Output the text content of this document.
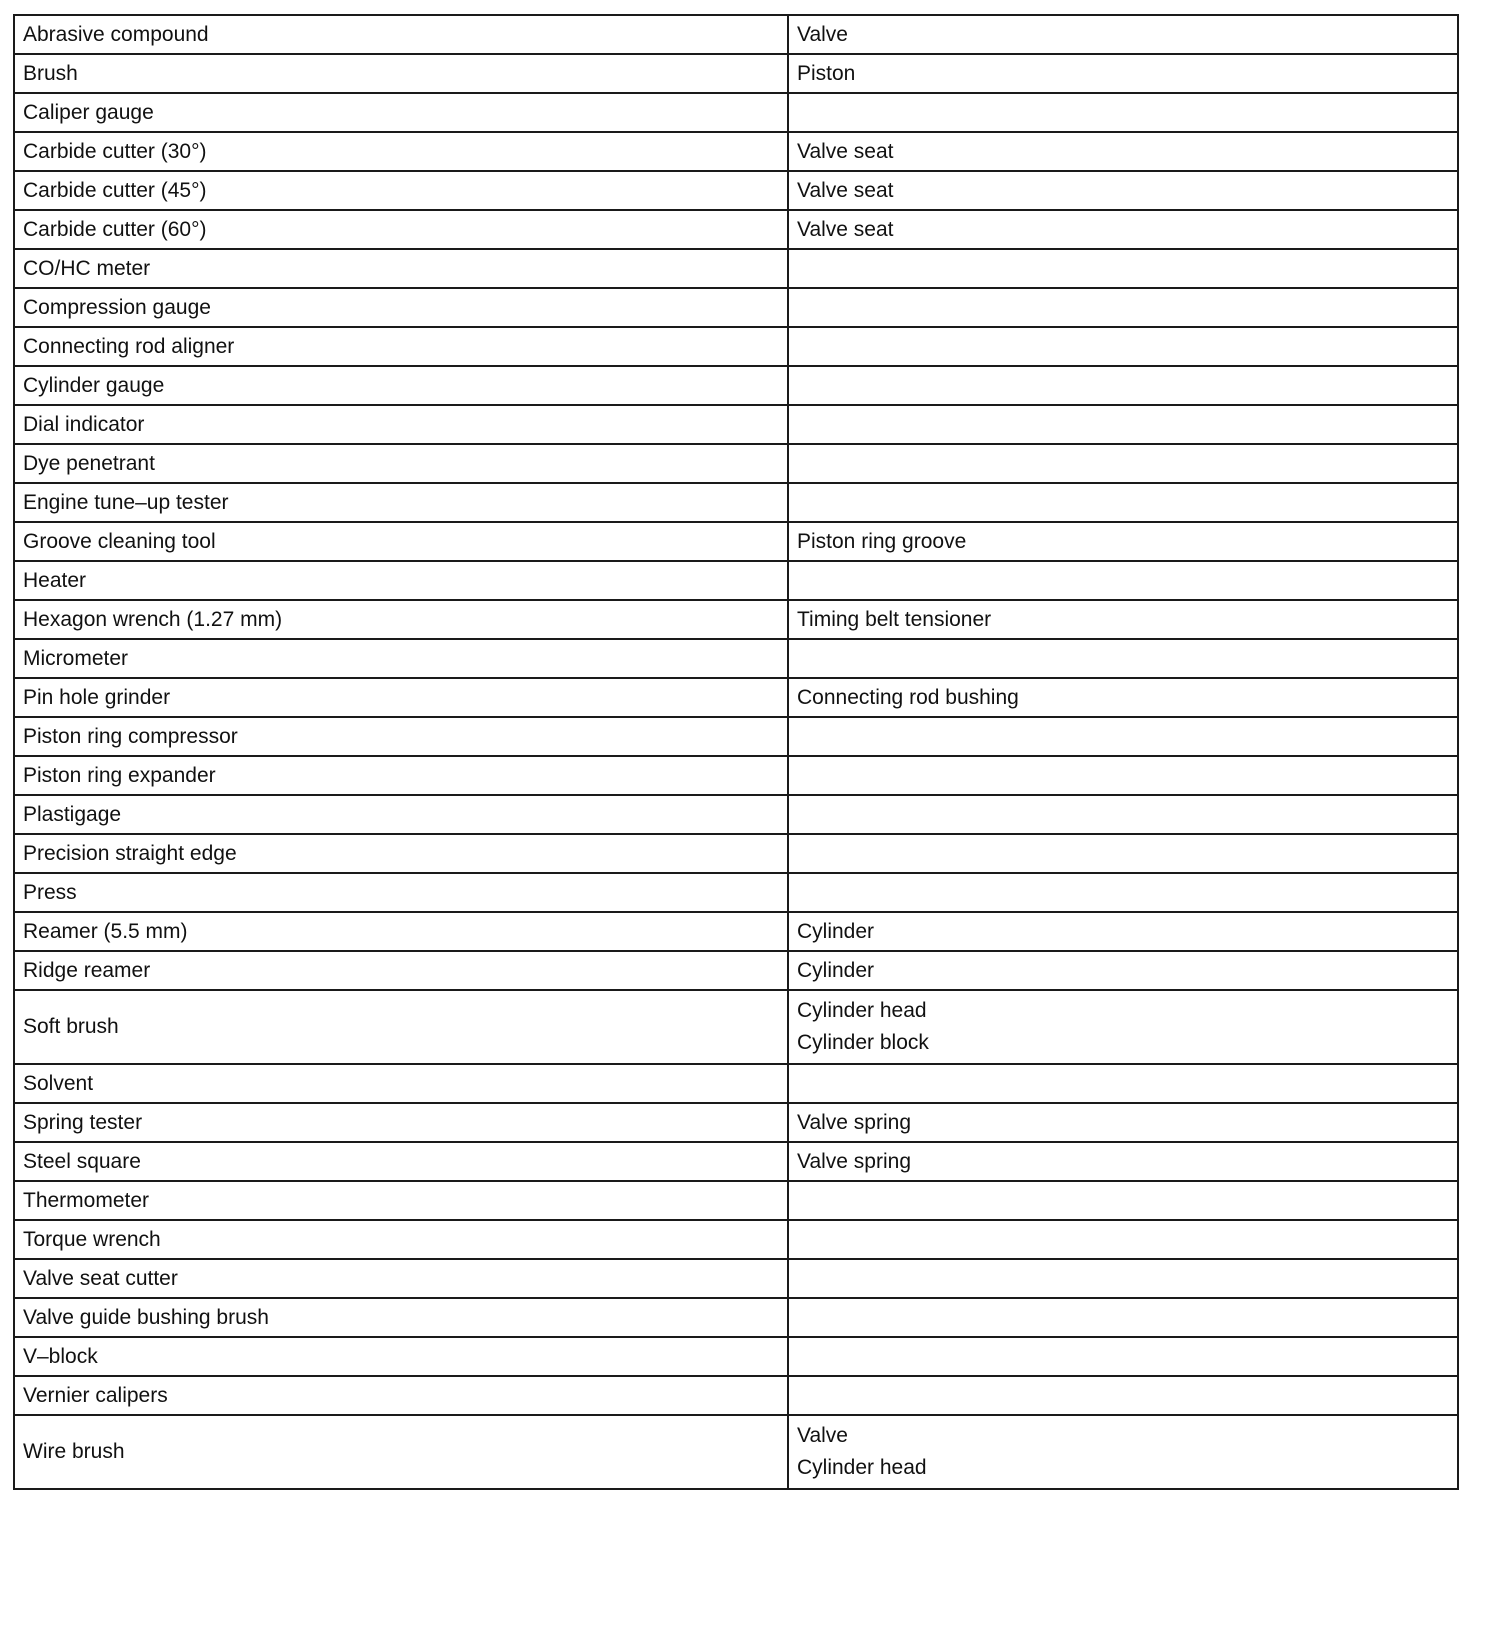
Abrasive compound	Valve

Brush	Piston

Caliper gauge	
Carbide cutter (30°)	Valve seat

Carbide cutter (45°)	Valve seat

Carbide cutter (60°)	Valve seat

CO/HC meter	
Compression gauge	
Connecting rod aligner	
Cylinder gauge	
Dial indicator	
Dye penetrant	
Engine tune–up tester	
Groove cleaning tool	Piston ring groove

Heater	
Hexagon wrench (1.27 mm)	Timing belt tensioner

Micrometer	
Pin hole grinder	Connecting rod bushing

Piston ring compressor	
Piston ring expander	
Plastigage	
Precision straight edge	
Press	
Reamer (5.5 mm)	Cylinder

Ridge reamer	Cylinder

Soft brush	Cylinder head
Cylinder block

Solvent	
Spring tester	Valve spring

Steel square	Valve spring

Thermometer	
Torque wrench	
Valve seat cutter	
Valve guide bushing brush	
V–block	
Vernier calipers	
Wire brush	Valve
Cylinder head
